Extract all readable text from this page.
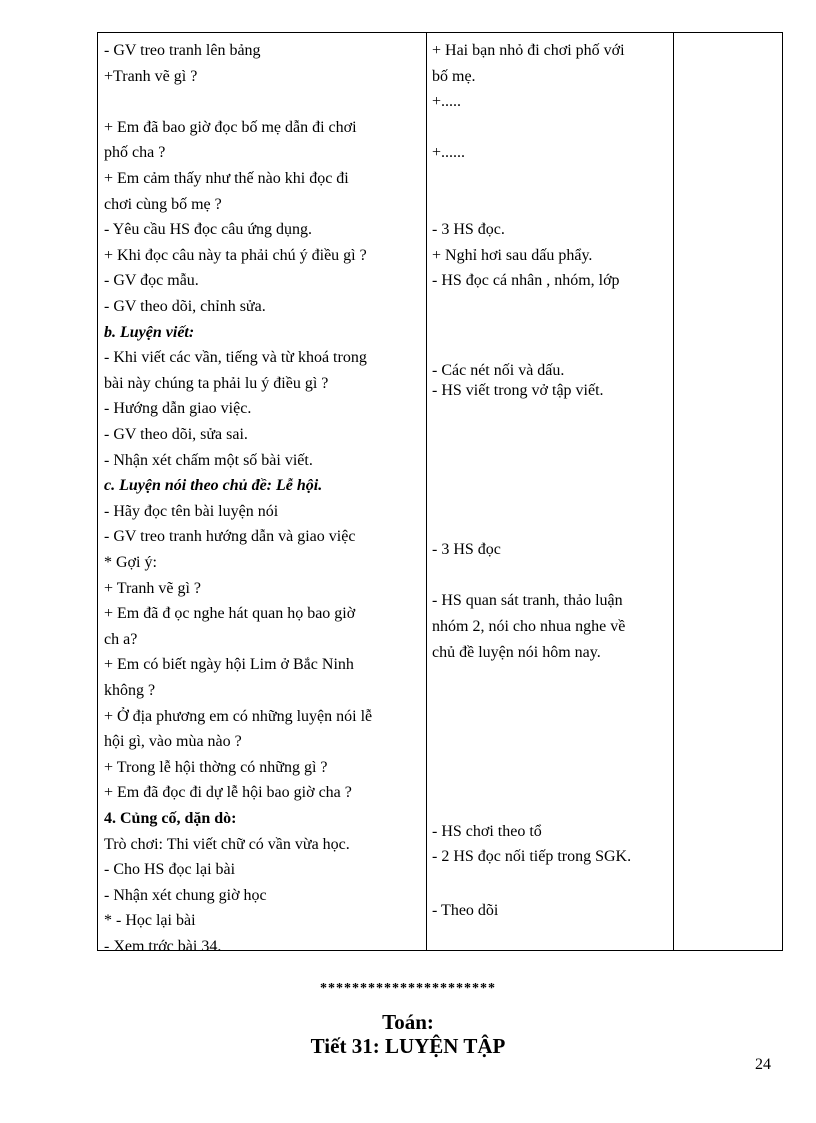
- GV treo tranh lên bảng
+Tranh vẽ gì ?
+ Em đã bao giờ đọc bố mẹ dẫn đi chơi
phố cha ?
+ Em cảm thấy như thế nào khi đọc đi
chơi cùng bố mẹ ?
- Yêu cầu HS đọc câu ứng dụng.
+ Khi đọc câu này ta phải chú ý điều gì ?
- GV đọc mẫu.
- GV theo dõi, chỉnh sửa.
b. Luyện viết:
- Khi viết các vần, tiếng và từ khoá trong
bài này chúng ta phải lu ý điều gì ?
- Hướng dẫn giao việc.
- GV theo dõi, sửa sai.
- Nhận xét chấm một số bài viết.
c. Luyện nói theo chủ đề: Lễ hội.
- Hãy đọc tên bài luyện nói
- GV treo tranh hướng dẫn và giao việc
* Gợi ý:
+ Tranh vẽ gì ?
+ Em đã đ ọc nghe hát quan họ bao giờ
ch a?
+ Em có biết ngày hội Lim ở Bắc Ninh
không ?
+ Ở địa phương em có những luyện nói lễ
hội gì, vào mùa nào ?
+ Trong lễ hội thờng có những gì ?
+ Em đã đọc đi dự lễ hội bao giờ cha ?
4. Củng cố, dặn dò:
Trò chơi: Thi viết chữ có vần vừa học.
- Cho HS đọc lại bài
- Nhận xét chung giờ học
* - Học lại bài
- Xem trớc bài 34.
+ Hai bạn nhỏ đi chơi phố với
bố mẹ.
+.....
+......
- 3 HS đọc.
+ Nghỉ hơi sau dấu phẩy.
- HS đọc cá nhân , nhóm, lớp
- Các nét nối và dấu.
- HS viết trong vở tập viết.
- 3 HS đọc
- HS quan sát tranh, thảo luận
nhóm 2, nói cho nhua nghe về
chủ đề luyện nói hôm nay.
- HS chơi theo tổ
- 2 HS đọc nối tiếp trong SGK.
- Theo dõi
**********************
Toán:
Tiết 31: LUYỆN TẬP
24
